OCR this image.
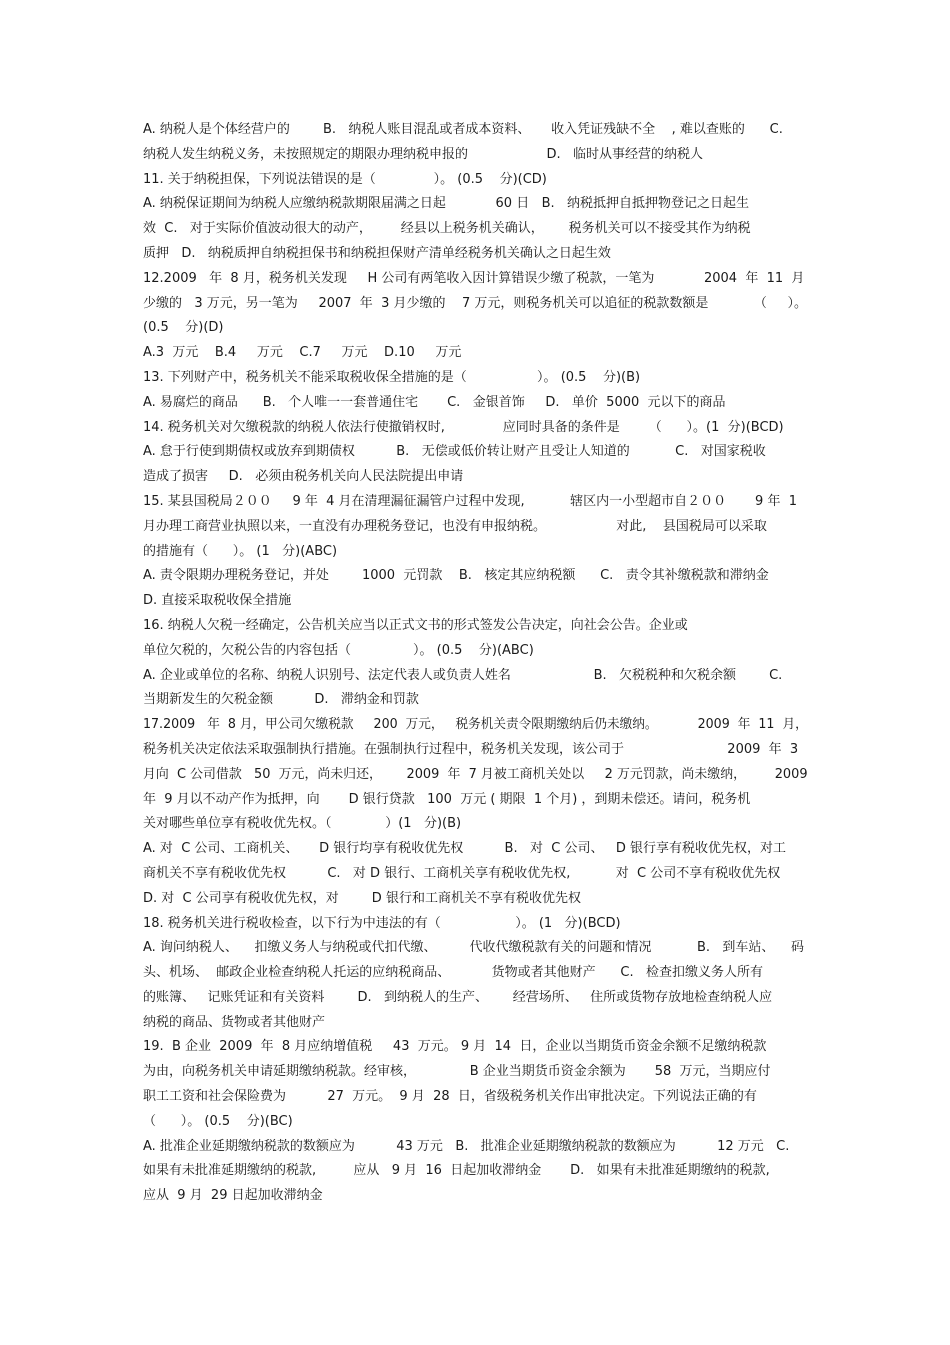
A. 纳税人是个体经营户的        B.   纳税人账目混乱或者成本资料、     收入凭证残缺不全    , 难以查账的      C.
纳税人发生纳税义务，未按照规定的期限办理纳税申报的                   D.   临时从事经营的纳税人
11. 关于纳税担保，下列说法错误的是（              ）。 (0.5    分)(CD)
A. 纳税保证期间为纳税人应缴纳税款期限届满之日起            60 日   B.   纳税抵押自抵押物登记之日起生
效  C.   对于实际价值波动很大的动产，       经县以上税务机关确认，      税务机关可以不接受其作为纳税
质押   D.   纳税质押自纳税担保书和纳税担保财产清单经税务机关确认之日起生效
12.2009   年  8 月，税务机关发现     H 公司有两笔收入因计算错误少缴了税款，一笔为            2004  年  11  月
少缴的   3 万元，另一笔为     2007  年  3 月少缴的    7 万元，则税务机关可以追征的税款数额是           （     ）。
(0.5    分)(D)
A.3  万元    B.4     万元    C.7     万元    D.10     万元
13. 下列财产中，税务机关不能采取税收保全措施的是（                 ）。 (0.5    分)(B)
A. 易腐烂的商品      B.   个人唯一一套普通住宅       C.   金银首饰     D.   单价  5000  元以下的商品
14. 税务机关对欠缴税款的纳税人依法行使撤销权时,              应同时具备的条件是       （      ）。(1  分)(BCD)
A. 怠于行使到期债权或放弃到期债权          B.   无偿或低价转让财产且受让人知道的           C.   对国家税收
造成了损害     D.   必须由税务机关向人民法院提出申请
15. 某县国税局２００     9 年  4 月在清理漏征漏管户过程中发现,           辖区内一小型超市自２００       9 年  1
月办理工商营业执照以来，一直没有办理税务登记，也没有申报纳税。                 对此,    县国税局可以采取
的措施有（      ）。 (1   分)(ABC)
A. 责令限期办理税务登记，并处        1000  元罚款    B.   核定其应纳税额      C.   责令其补缴税款和滞纳金
D. 直接采取税收保全措施
16. 纳税人欠税一经确定，公告机关应当以正式文书的形式签发公告决定，向社会公告。企业或
单位欠税的，欠税公告的内容包括（               ）。 (0.5    分)(ABC)
A. 企业或单位的名称、纳税人识别号、法定代表人或负责人姓名                    B.   欠税税种和欠税余额        C.
当期新发生的欠税金额          D.   滞纳金和罚款
17.2009   年  8 月，甲公司欠缴税款     200  万元，   税务机关责令限期缴纳后仍未缴纳。          2009  年  11  月，
税务机关决定依法采取强制执行措施。在强制执行过程中，税务机关发现，该公司于                         2009  年  3
月向  C 公司借款   50  万元，尚未归还，      2009  年  7 月被工商机关处以     2 万元罚款，尚未缴纳，       2009
年  9 月以不动产作为抵押，向       D 银行贷款   100  万元 ( 期限  1 个月) ，到期未偿还。请问，税务机
关对哪些单位享有税收优先权。（             ）(1   分)(B)
A. 对  C 公司、工商机关、     D 银行均享有税收优先权          B.   对  C 公司、   D 银行享有税收优先权，对工
商机关不享有税收优先权          C.   对 D 银行、工商机关享有税收优先权,           对  C 公司不享有税收优先权
D. 对  C 公司享有税收优先权，对        D 银行和工商机关不享有税收优先权
18. 税务机关进行税收检查，以下行为中违法的有（                  ）。 (1   分)(BCD)
A. 询问纳税人、    扣缴义务人与纳税或代扣代缴、        代收代缴税款有关的问题和情况           B.   到车站、    码
头、机场、  邮政企业检查纳税人托运的应纳税商品、          货物或者其他财产      C.   检查扣缴义务人所有
的账簿、   记账凭证和有关资料        D.   到纳税人的生产、      经营场所、   住所或货物存放地检查纳税人应
纳税的商品、货物或者其他财产
19.  B 企业  2009  年  8 月应纳增值税     43  万元。 9 月  14  日，企业以当期货币资金余额不足缴纳税款
为由，向税务机关申请延期缴纳税款。经审核，             B 企业当期货币资金余额为       58  万元，当期应付
职工工资和社会保险费为          27  万元。  9 月  28  日，省级税务机关作出审批决定。下列说法正确的有
（      ）。 (0.5    分)(BC)
A. 批准企业延期缴纳税款的数额应为          43 万元   B.   批准企业延期缴纳税款的数额应为          12 万元   C.
如果有未批准延期缴纳的税款,         应从   9 月  16  日起加收滞纳金       D.   如果有未批准延期缴纳的税款,
应从  9 月  29 日起加收滞纳金
